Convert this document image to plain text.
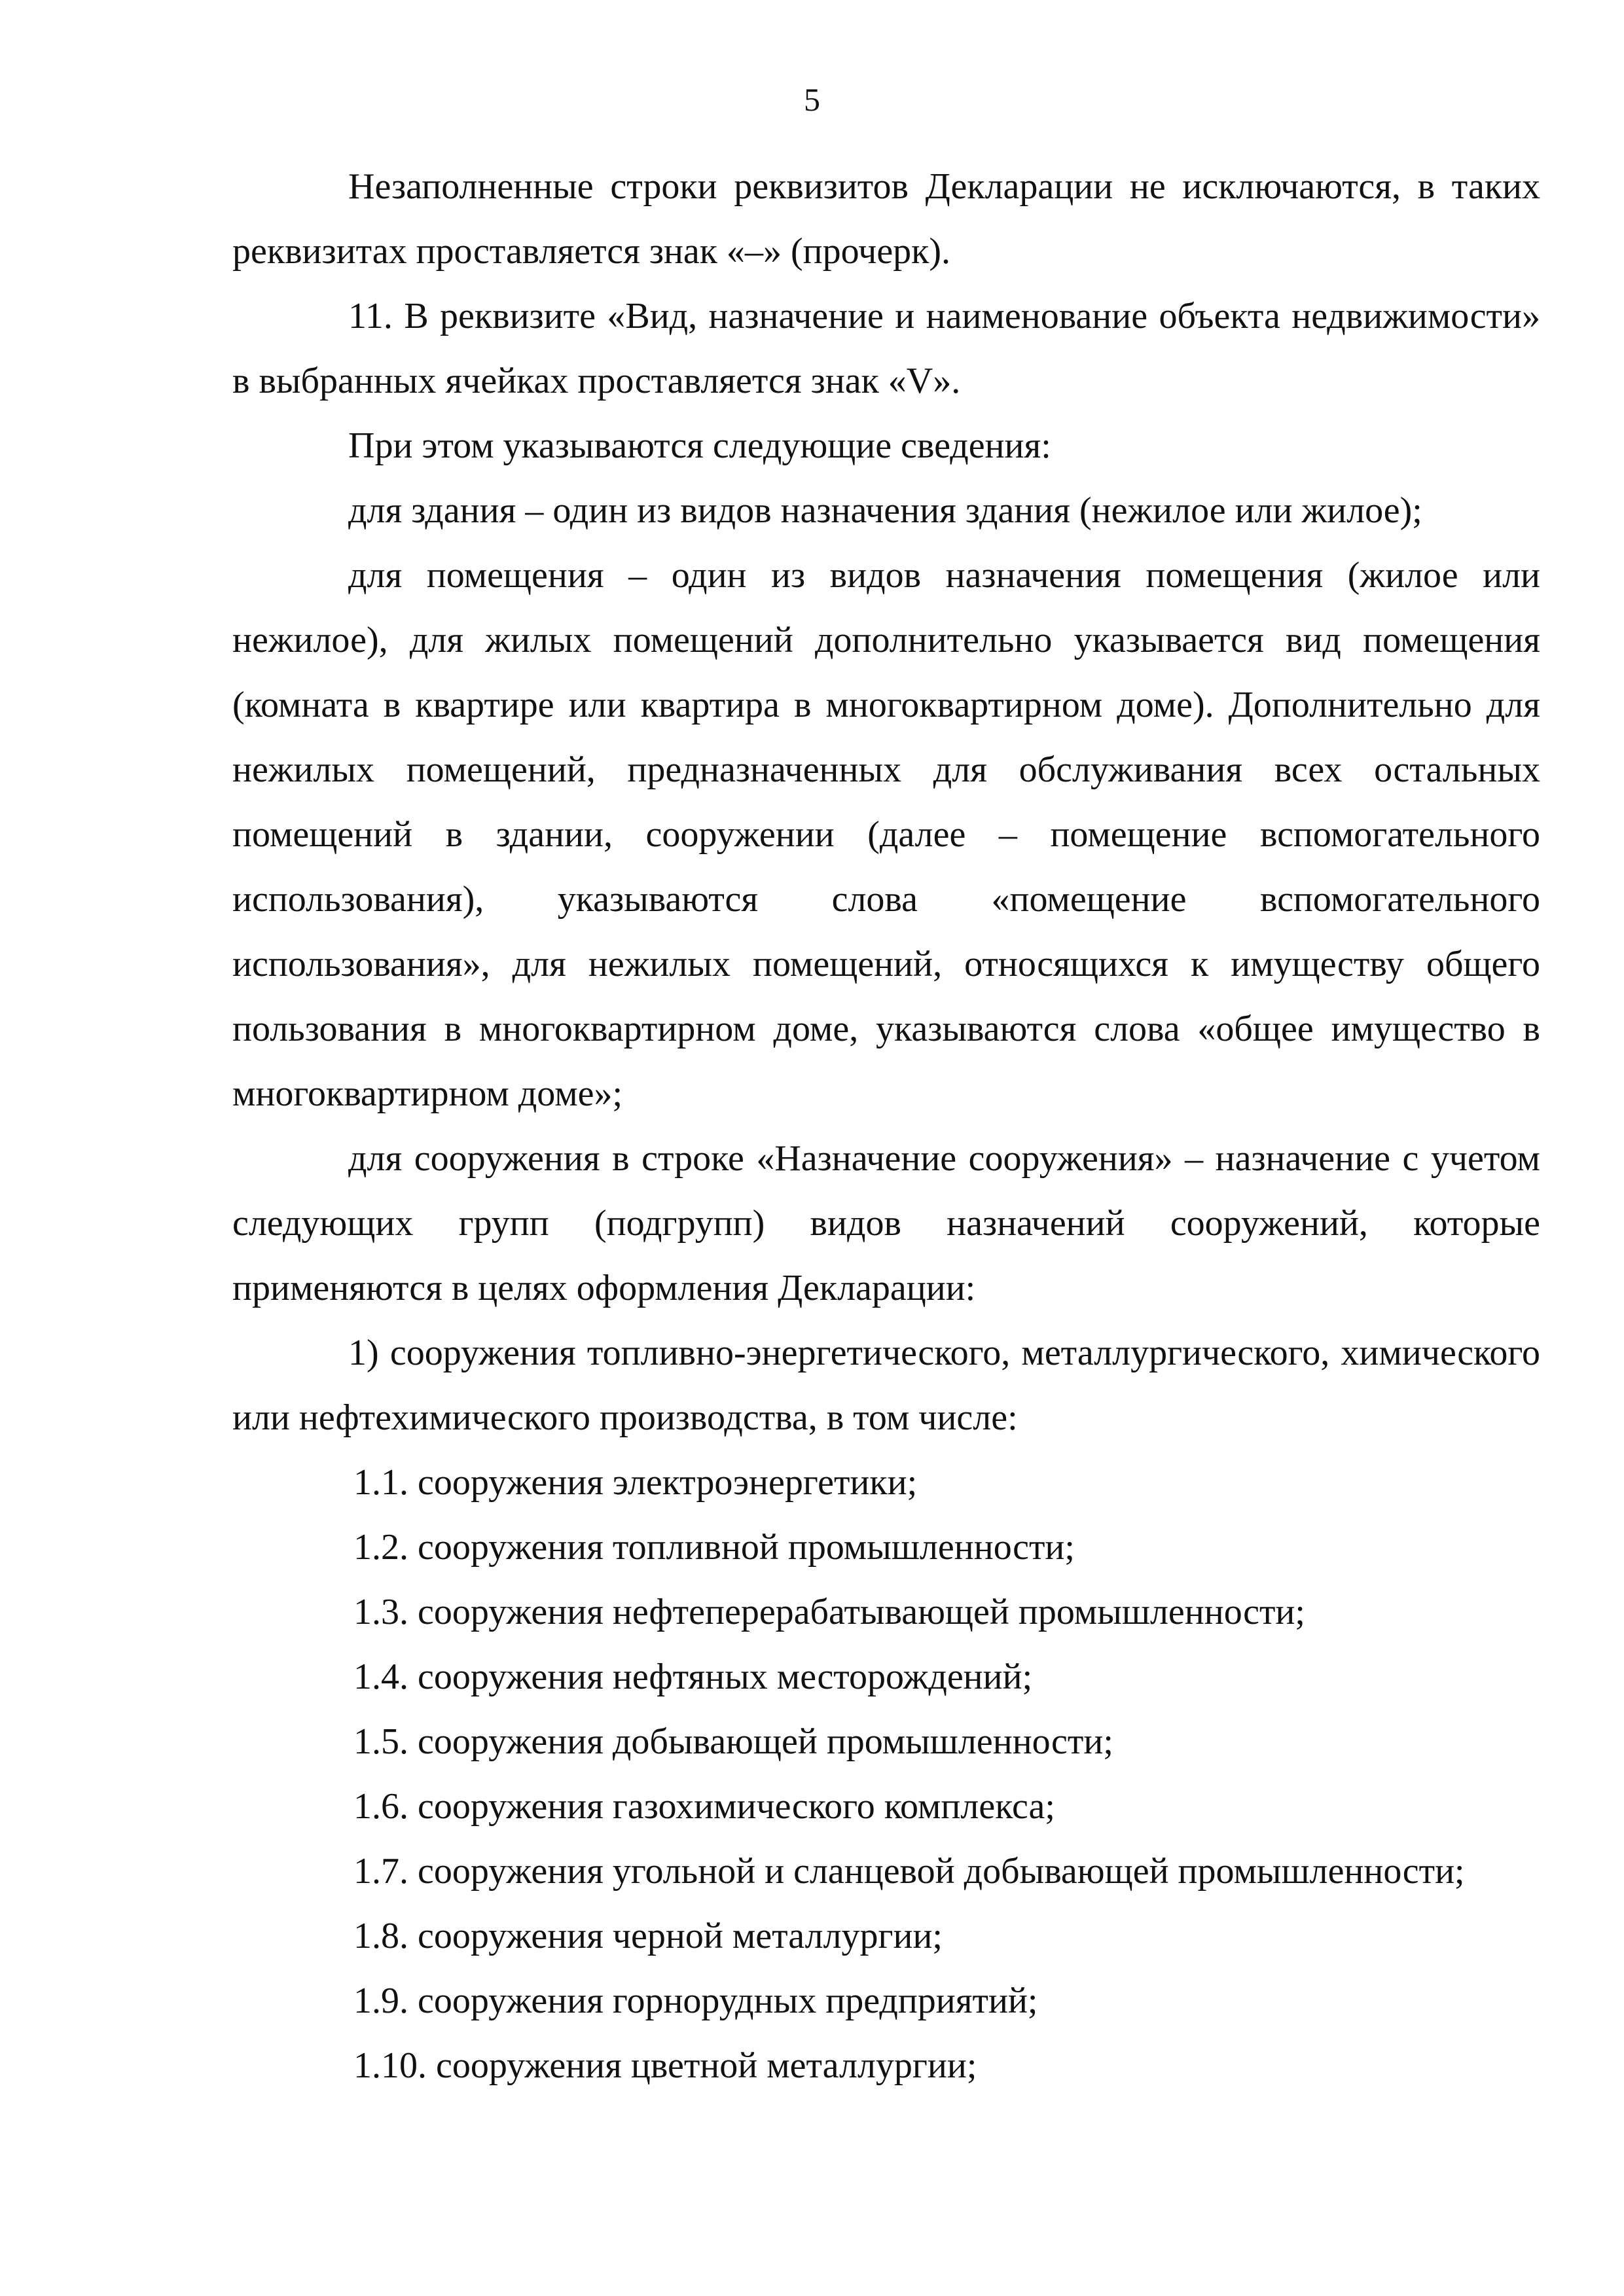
5

Незаполненные строки реквизитов Декларации не исключаются, в таких реквизитах проставляется знак «–» (прочерк).

11. В реквизите «Вид, назначение и наименование объекта недвижимости» в выбранных ячейках проставляется знак «V».

При этом указываются следующие сведения:

для здания – один из видов назначения здания (нежилое или жилое);

для помещения – один из видов назначения помещения (жилое или нежилое), для жилых помещений дополнительно указывается вид помещения (комната в квартире или квартира в многоквартирном доме). Дополнительно для нежилых помещений, предназначенных для обслуживания всех остальных помещений в здании, сооружении (далее – помещение вспомогательного использования), указываются слова «помещение вспомогательного использования», для нежилых помещений, относящихся к имуществу общего пользования в многоквартирном доме, указываются слова «общее имущество в многоквартирном доме»;

для сооружения в строке «Назначение сооружения» – назначение с учетом следующих групп (подгрупп) видов назначений сооружений, которые применяются в целях оформления Декларации:

1) сооружения топливно-энергетического, металлургического, химического или нефтехимического производства, в том числе:

1.1. сооружения электроэнергетики;

1.2. сооружения топливной промышленности;

1.3. сооружения нефтеперерабатывающей промышленности;

1.4. сооружения нефтяных месторождений;

1.5. сооружения добывающей промышленности;

1.6. сооружения газохимического комплекса;

1.7. сооружения угольной и сланцевой добывающей промышленности;

1.8. сооружения черной металлургии;

1.9. сооружения горнорудных предприятий;

1.10. сооружения цветной металлургии;
